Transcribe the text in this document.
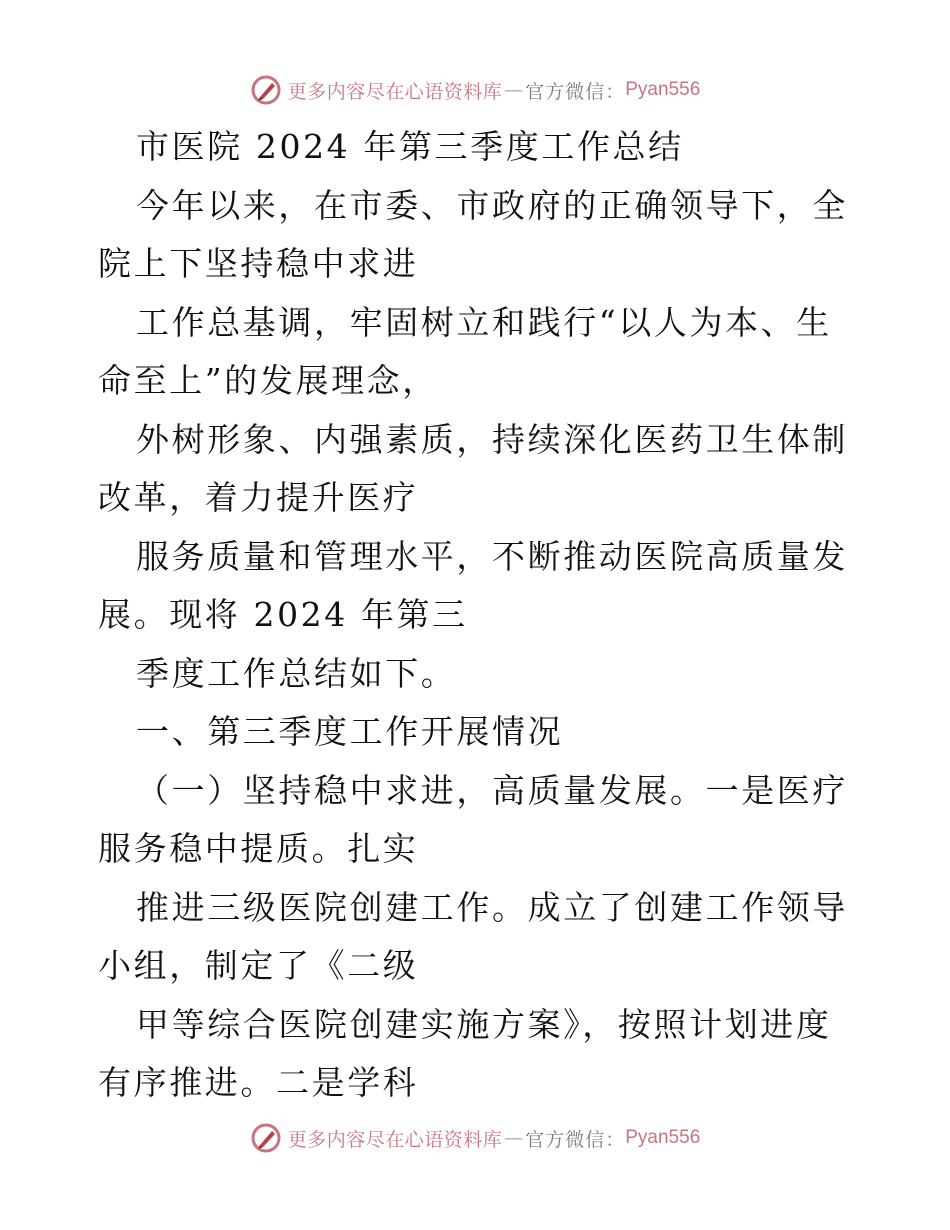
更多内容尽在心语资料库 — 官方微信： Pyan556

市医院 2024 年第三季度工作总结

今年以来，在市委、市政府的正确领导下，全院上下坚持稳中求进

工作总基调，牢固树立和践行“以人为本、生命至上”的发展理念，

外树形象、内强素质，持续深化医药卫生体制改革，着力提升医疗

服务质量和管理水平，不断推动医院高质量发展。现将 2024 年第三

季度工作总结如下。

一、第三季度工作开展情况

（一）坚持稳中求进，高质量发展。一是医疗服务稳中提质。扎实

推进三级医院创建工作。成立了创建工作领导小组，制定了《二级

甲等综合医院创建实施方案》，按照计划进度有序推进。二是学科

更多内容尽在心语资料库 — 官方微信： Pyan556
